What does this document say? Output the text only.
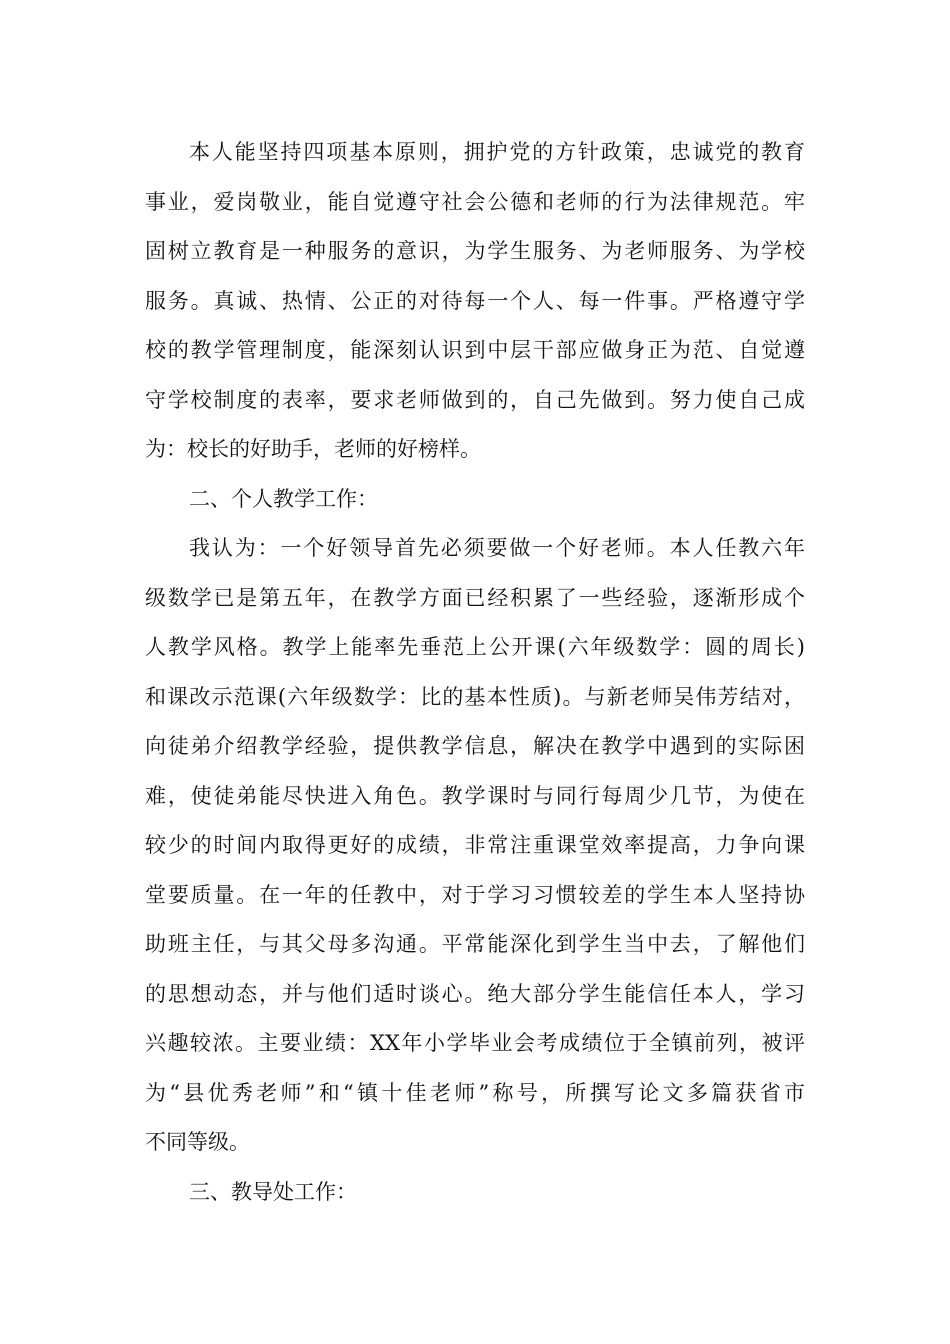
本人能坚持四项基本原则，拥护党的方针政策，忠诚党的教育
事业，爱岗敬业，能自觉遵守社会公德和老师的行为法律规范。牢
固树立教育是一种服务的意识，为学生服务、为老师服务、为学校
服务。真诚、热情、公正的对待每一个人、每一件事。严格遵守学
校的教学管理制度，能深刻认识到中层干部应做身正为范、自觉遵
守学校制度的表率，要求老师做到的，自己先做到。努力使自己成
为：校长的好助手，老师的好榜样。
二、个人教学工作：
我认为：一个好领导首先必须要做一个好老师。本人任教六年
级数学已是第五年，在教学方面已经积累了一些经验，逐渐形成个
人教学风格。教学上能率先垂范上公开课(六年级数学：圆的周长)
和课改示范课(六年级数学：比的基本性质)。与新老师吴伟芳结对，
向徒弟介绍教学经验，提供教学信息，解决在教学中遇到的实际困
难，使徒弟能尽快进入角色。教学课时与同行每周少几节，为使在
较少的时间内取得更好的成绩，非常注重课堂效率提高，力争向课
堂要质量。在一年的任教中，对于学习习惯较差的学生本人坚持协
助班主任，与其父母多沟通。平常能深化到学生当中去，了解他们
的思想动态，并与他们适时谈心。绝大部分学生能信任本人，学习
兴趣较浓。主要业绩：XX年小学毕业会考成绩位于全镇前列，被评
为“县优秀老师”和“镇十佳老师”称号，所撰写论文多篇获省市
不同等级。
三、教导处工作：
